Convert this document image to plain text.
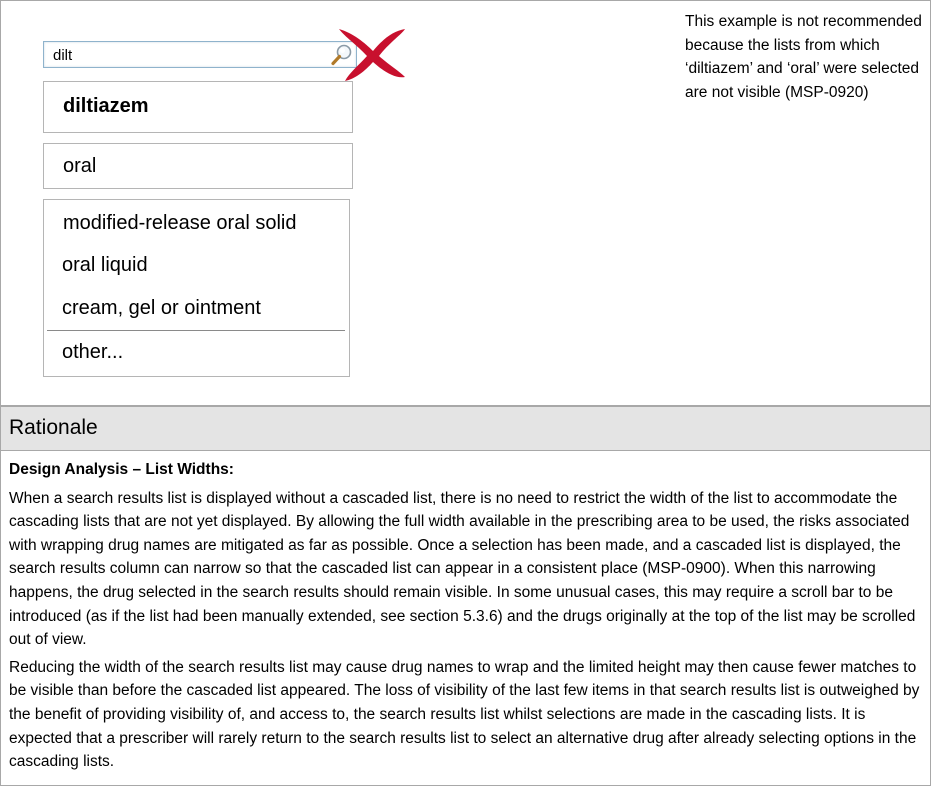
dilt
diltiazem
oral
modified-release oral solid
oral liquid
cream, gel or ointment
other...
This example is not recommended because the lists from which ‘diltiazem’ and ‘oral’ were selected are not visible (MSP-0920)
Rationale

Design Analysis – List Widths:

When a search results list is displayed without a cascaded list, there is no need to restrict the width of the list to accommodate the cascading lists that are not yet displayed. By allowing the full width available in the prescribing area to be used, the risks associated with wrapping drug names are mitigated as far as possible. Once a selection has been made, and a cascaded list is displayed, the search results column can narrow so that the cascaded list can appear in a consistent place (MSP-0900). When this narrowing happens, the drug selected in the search results should remain visible. In some unusual cases, this may require a scroll bar to be introduced (as if the list had been manually extended, see section 5.3.6) and the drugs originally at the top of the list may be scrolled out of view.

Reducing the width of the search results list may cause drug names to wrap and the limited height may then cause fewer matches to be visible than before the cascaded list appeared. The loss of visibility of the last few items in that search results list is outweighed by the benefit of providing visibility of, and access to, the search results list whilst selections are made in the cascading lists. It is expected that a prescriber will rarely return to the search results list to select an alternative drug after already selecting options in the cascading lists.
